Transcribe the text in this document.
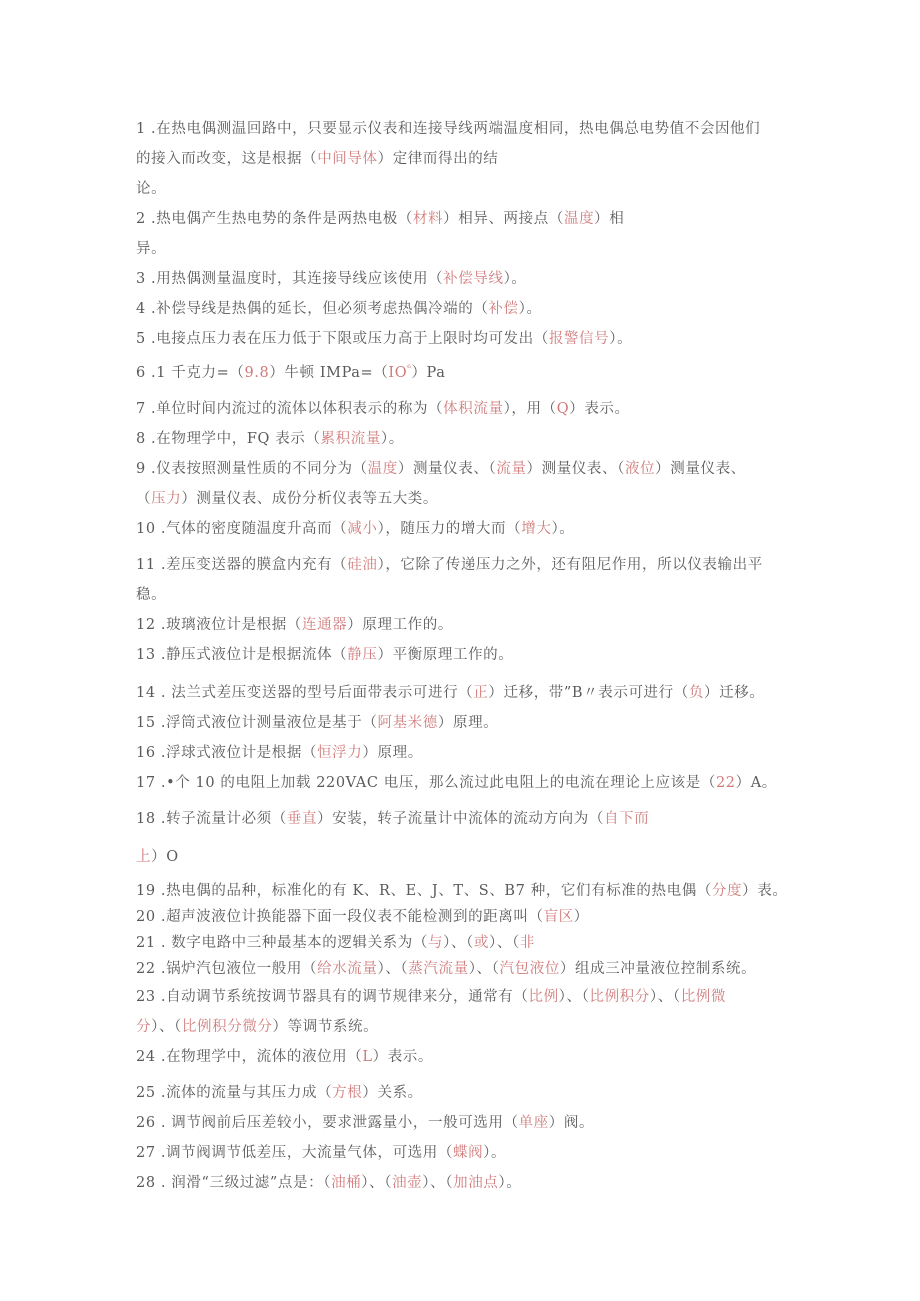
1 .在热电偶测温回路中，只要显示仪表和连接导线两端温度相同，热电偶总电势值不会因他们
的接入而改变，这是根据（中间导体）定律而得出的结
论。
2 .热电偶产生热电势的条件是两热电极（材料）相异、两接点（温度）相
异。
3 .用热偶测量温度时，其连接导线应该使用（补偿导线）。
4 .补偿导线是热偶的延长，但必须考虑热偶冷端的（补偿）。
5 .电接点压力表在压力低于下限或压力高于上限时均可发出（报警信号）。
6 .1 千克力=（9.8）牛顿 $IMPa=(IO^{^6})Pa$
7 .单位时间内流过的流体以体积表示的称为（体积流量），用（Q）表示。
8 .在物理学中，FQ 表示（累积流量）。
9 .仪表按照测量性质的不同分为（温度）测量仪表、（流量）测量仪表、（液位）测量仪表、
（压力）测量仪表、成份分析仪表等五大类。
10 .气体的密度随温度升高而（减小），随压力的增大而（增大）。
11 .差压变送器的膜盒内充有（硅油），它除了传递压力之外，还有阻尼作用，所以仪表输出平
稳。
12 .玻璃液位计是根据（连通器）原理工作的。
13 .静压式液位计是根据流体（静压）平衡原理工作的。
14 . 法兰式差压变送器的型号后面带表示可进行（正）迁移，带”B〃表示可进行（负）迁移。
15 .浮筒式液位计测量液位是基于（阿基米德）原理。
16 .浮球式液位计是根据（恒浮力）原理。
17 .•个 10 的电阻上加载 220VAC 电压，那么流过此电阻上的电流在理论上应该是（22）A。
18 .转子流量计必须（垂直）安装，转子流量计中流体的流动方向为（自下而
上）O
19 .热电偶的品种，标准化的有 K、R、E、J、T、S、B7 种，它们有标准的热电偶（分度）表。
20 .超声波液位计换能器下面一段仪表不能检测到的距离叫（盲区）
21 . 数字电路中三种最基本的逻辑关系为（与）、（或）、（非
22 .锅炉汽包液位一般用（给水流量）、（蒸汽流量）、（汽包液位）组成三冲量液位控制系统。
23 .自动调节系统按调节器具有的调节规律来分，通常有（比例）、（比例积分）、（比例微
分）、（比例积分微分）等调节系统。
24 .在物理学中，流体的液位用（L）表示。
25 .流体的流量与其压力成（方根）关系。
26 . 调节阀前后压差较小，要求泄露量小，一般可选用（单座）阀。
27 .调节阀调节低差压，大流量气体，可选用（蝶阀）。
28 . 润滑“三级过滤”点是：（油桶）、（油壶）、（加油点）。
